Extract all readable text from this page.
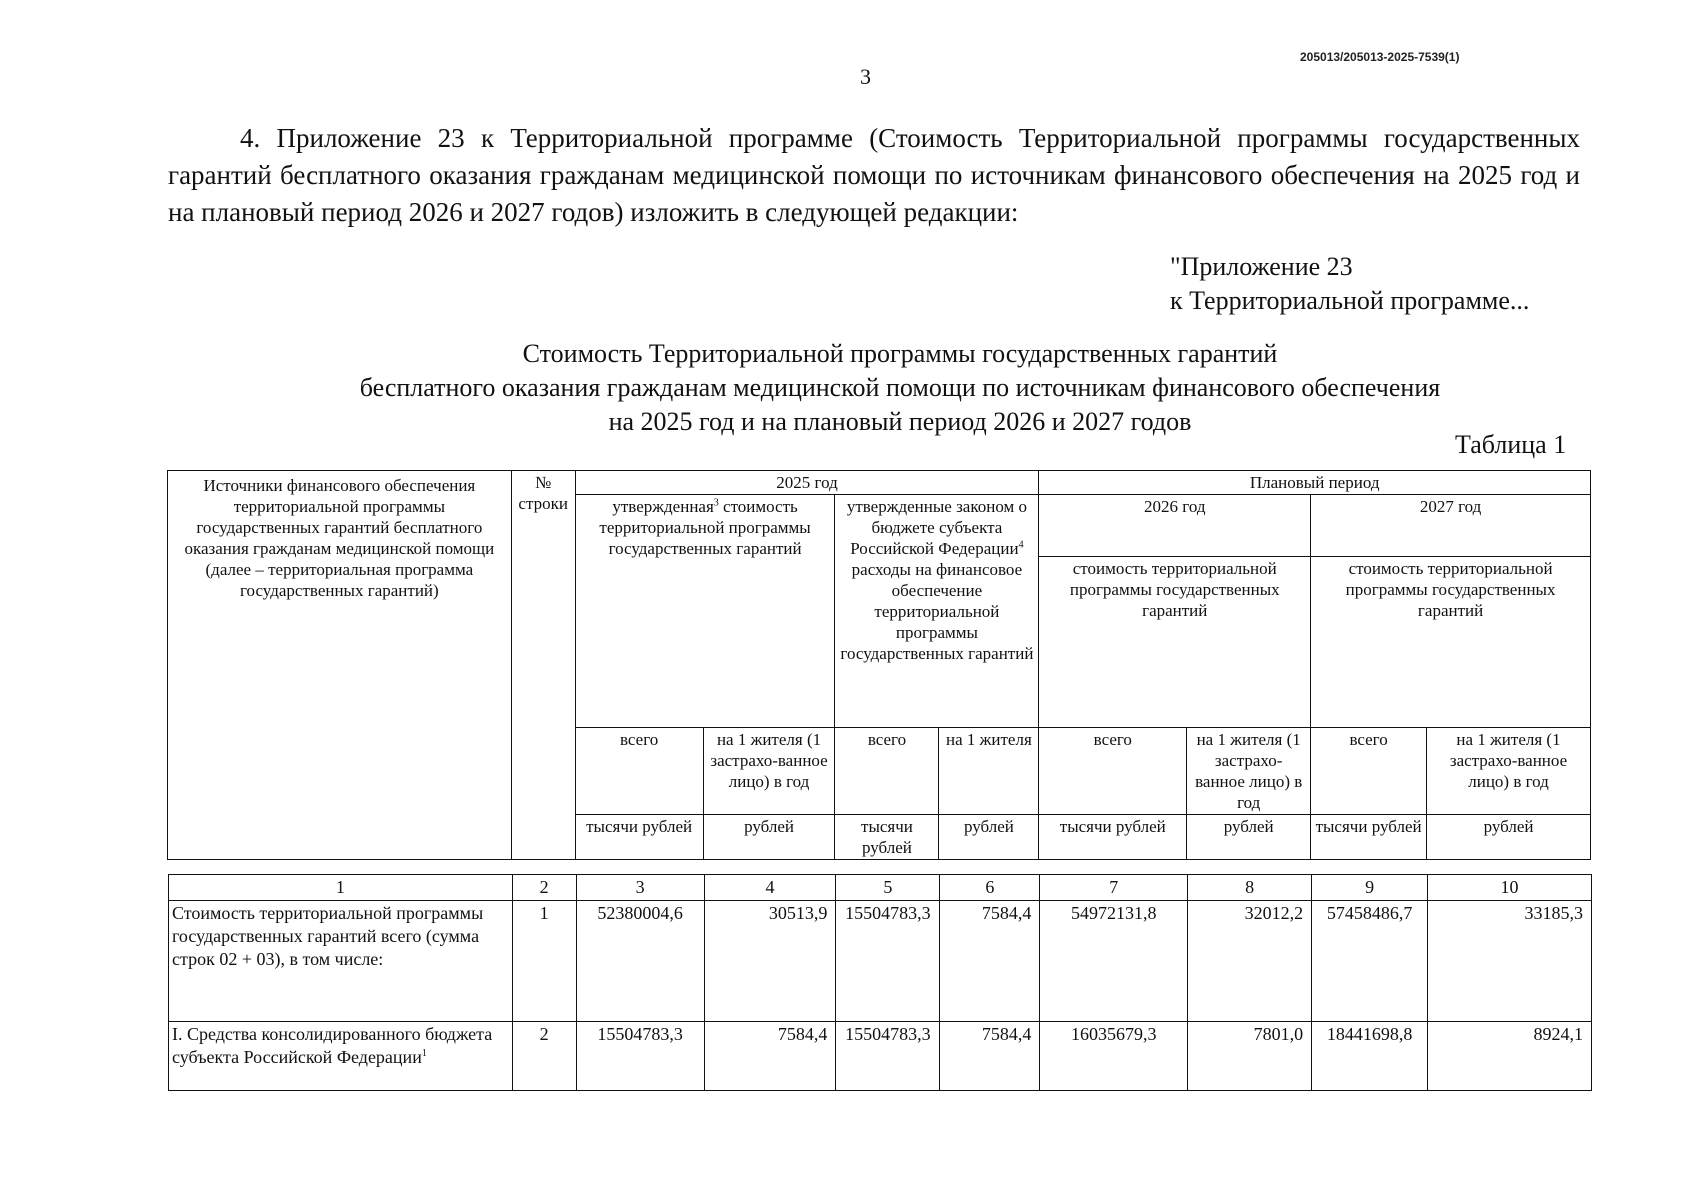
205013/205013-2025-7539(1)
3
4. Приложение 23 к Территориальной программе (Стоимость Территориальной программы государственных гарантий бесплатного оказания гражданам медицинской помощи по источникам финансового обеспечения на 2025 год и на плановый период 2026 и 2027 годов) изложить в следующей редакции:
"Приложение 23
к Территориальной программе...
Стоимость Территориальной программы государственных гарантий
бесплатного оказания гражданам медицинской помощи по источникам финансового обеспечения
на 2025 год и на плановый период 2026 и 2027 годов
Таблица 1
Источники финансового обеспечения территориальной программы государственных гарантий бесплатного оказания гражданам медицинской помощи (далее – территориальная программа государственных гарантий)	№ строки	2025 год				Плановый период			
		утвержденная$^3$ стоимость территориальной программы государственных гарантий		утвержденные законом о бюджете субъекта Российской Федерации$^4$ расходы на финансовое обеспечение территориальной программы государственных гарантий		2026 год		2027 год	
						стоимость территориальной программы государственных гарантий		стоимость территориальной программы государственных гарантий	
		всего	на 1 жителя (1 застрахо-ванное лицо) в год	всего	на 1 жителя	всего	на 1 жителя (1 застрахо-ванное лицо) в год	всего	на 1 жителя (1 застрахо-ванное лицо) в год
		тысячи рублей	рублей	тысячи рублей	рублей	тысячи рублей	рублей	тысячи рублей	рублей
1	2	3	4	5	6	7	8	9	10
Стоимость территориальной программы государственных гарантий всего (сумма строк 02 + 03), в том числе:	1	52380004,6	30513,9	15504783,3	7584,4	54972131,8	32012,2	57458486,7	33185,3
I. Средства консолидированного бюджета субъекта Российской Федерации$^1$	2	15504783,3	7584,4	15504783,3	7584,4	16035679,3	7801,0	18441698,8	8924,1
